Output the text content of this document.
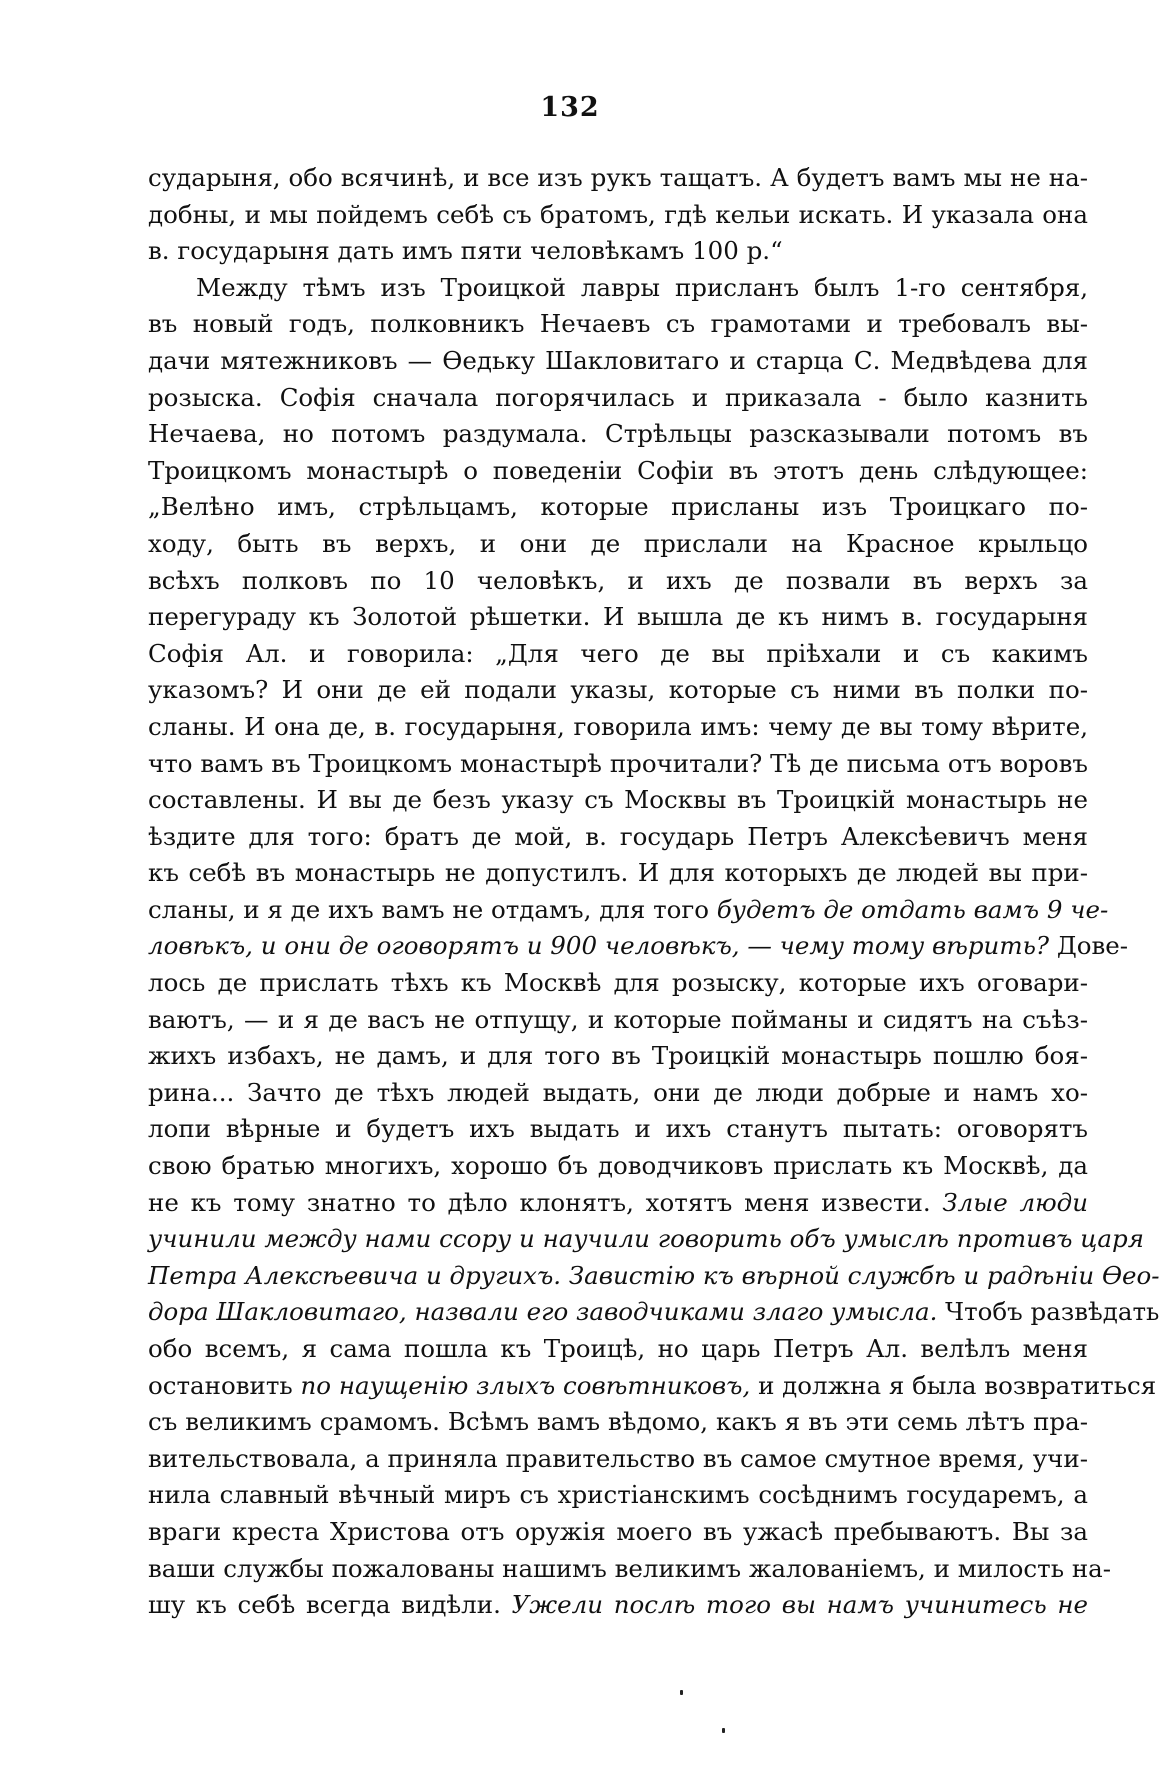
132
сударыня, обо всячинѣ, и все изъ рукъ тащатъ. А будетъ вамъ мы не на-
добны, и мы пойдемъ себѣ съ братомъ, гдѣ кельи искать. И указала она
в. государыня дать имъ пяти человѣкамъ 100 р.“
Между тѣмъ изъ Троицкой лавры присланъ былъ 1-го сентября,
въ новый годъ, полковникъ Нечаевъ съ грамотами и требовалъ вы-
дачи мятежниковъ — Ѳедьку Шакловитаго и старца С. Медвѣдева для
розыска. Софія сначала погорячилась и приказала - было казнить
Нечаева, но потомъ раздумала. Стрѣльцы разсказывали потомъ въ
Троицкомъ монастырѣ о поведеніи Софіи въ этотъ день слѣдующее:
„Велѣно имъ, стрѣльцамъ, которые присланы изъ Троицкаго по-
ходу, быть въ верхъ, и они де прислали на Красное крыльцо
всѣхъ полковъ по 10 человѣкъ, и ихъ де позвали въ верхъ за
перегураду къ Золотой рѣшетки. И вышла де къ нимъ в. государыня
Софія Ал. и говорила: „Для чего де вы пріѣхали и съ какимъ
указомъ? И они де ей подали указы, которые съ ними въ полки по-
сланы. И она де, в. государыня, говорила имъ: чему де вы тому вѣрите,
что вамъ въ Троицкомъ монастырѣ прочитали? Тѣ де письма отъ воровъ
составлены. И вы де безъ указу съ Москвы въ Троицкій монастырь не
ѣздите для того: братъ де мой, в. государь Петръ Алексѣевичъ меня
къ себѣ въ монастырь не допустилъ. И для которыхъ де людей вы при-
сланы, и я де ихъ вамъ не отдамъ, для того будетъ де отдать вамъ 9 че-
ловѣкъ, и они де оговорятъ и 900 человѣкъ, — чему тому вѣрить? Дове-
лось де прислать тѣхъ къ Москвѣ для розыску, которые ихъ оговари-
ваютъ, — и я де васъ не отпущу, и которые пойманы и сидятъ на съѣз-
жихъ избахъ, не дамъ, и для того въ Троицкій монастырь пошлю боя-
рина... Зачто де тѣхъ людей выдать, они де люди добрые и намъ хо-
лопи вѣрные и будетъ ихъ выдать и ихъ станутъ пытать: оговорятъ
свою братью многихъ, хорошо бъ доводчиковъ прислать къ Москвѣ, да
не къ тому знатно то дѣло клонятъ, хотятъ меня извести. Злые люди
учинили между нами ссору и научили говорить объ умыслѣ противъ царя
Петра Алексѣевича и другихъ. Завистію къ вѣрной службѣ и радѣніи Ѳео-
дора Шакловитаго, назвали его заводчиками злаго умысла. Чтобъ развѣдать
обо всемъ, я сама пошла къ Троицѣ, но царь Петръ Ал. велѣлъ меня
остановить по наущенію злыхъ совѣтниковъ, и должна я была возвратиться
съ великимъ срамомъ. Всѣмъ вамъ вѣдомо, какъ я въ эти семь лѣтъ пра-
вительствовала, а приняла правительство въ самое смутное время, учи-
нила славный вѣчный миръ съ христіанскимъ сосѣднимъ государемъ, а
враги креста Христова отъ оружія моего въ ужасѣ пребываютъ. Вы за
ваши службы пожалованы нашимъ великимъ жалованіемъ, и милость на-
шу къ себѣ всегда видѣли. Ужели послѣ того вы намъ учинитесь не
